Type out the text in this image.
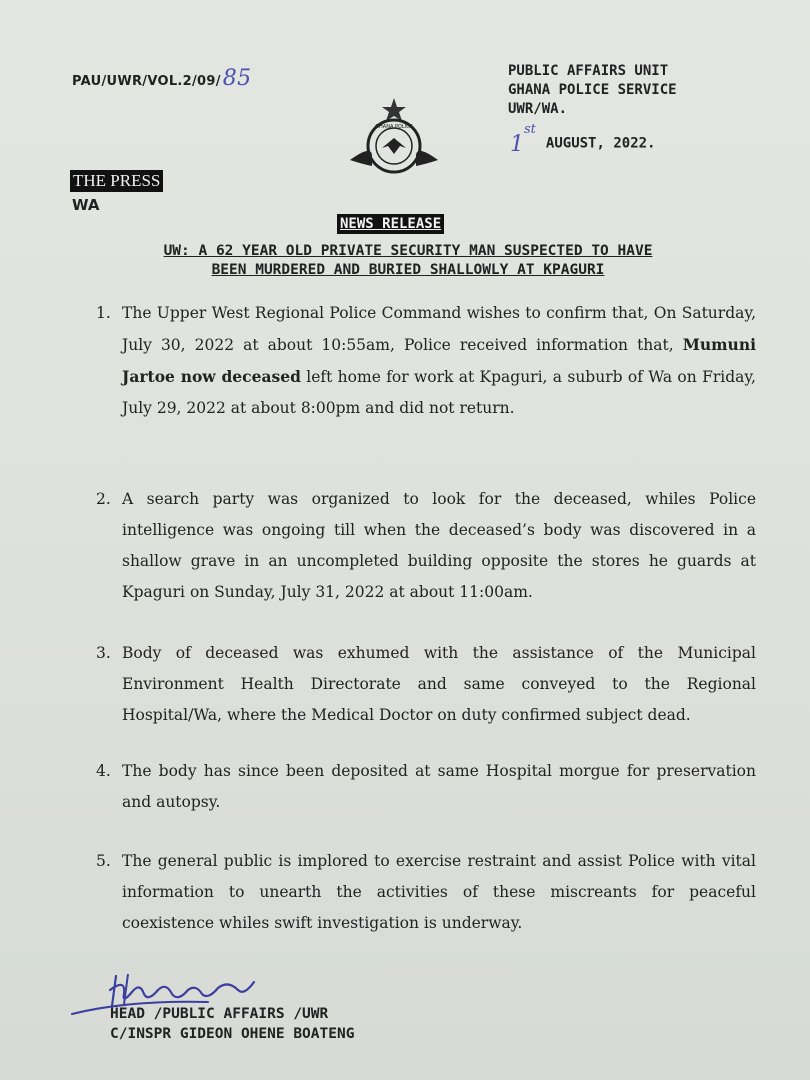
PAU/UWR/VOL.2/09/85	PUBLIC AFFAIRS UNIT
GHANA POLICE SERVICE
UWR/WA.
GHANA POLICE
1stAUGUST, 2022.
THE PRESS
WA
NEWS RELEASE
UW: A 62 YEAR OLD PRIVATE SECURITY MAN SUSPECTED TO HAVE
BEEN MURDERED AND BURIED SHALLOWLY AT KPAGURI
1. The Upper West Regional Police Command wishes to confirm that, On Saturday, July 30, 2022 at about 10:55am, Police received information that, Mumuni Jartoe now deceased left home for work at Kpaguri, a suburb of Wa on Friday, July 29, 2022 at about 8:00pm and did not return.
2. A search party was organized to look for the deceased, whiles Police intelligence was ongoing till when the deceased’s body was discovered in a shallow grave in an uncompleted building opposite the stores he guards at Kpaguri on Sunday, July 31, 2022 at about 11:00am.
3. Body of deceased was exhumed with the assistance of the Municipal Environment Health Directorate and same conveyed to the Regional Hospital/Wa, where the Medical Doctor on duty confirmed subject dead.
4. The body has since been deposited at same Hospital morgue for preservation and autopsy.
5. The general public is implored to exercise restraint and assist Police with vital information to unearth the activities of these miscreants for peaceful coexistence whiles swift investigation is underway.
HEAD /PUBLIC AFFAIRS /UWR
C/INSPR GIDEON OHENE BOATENG
